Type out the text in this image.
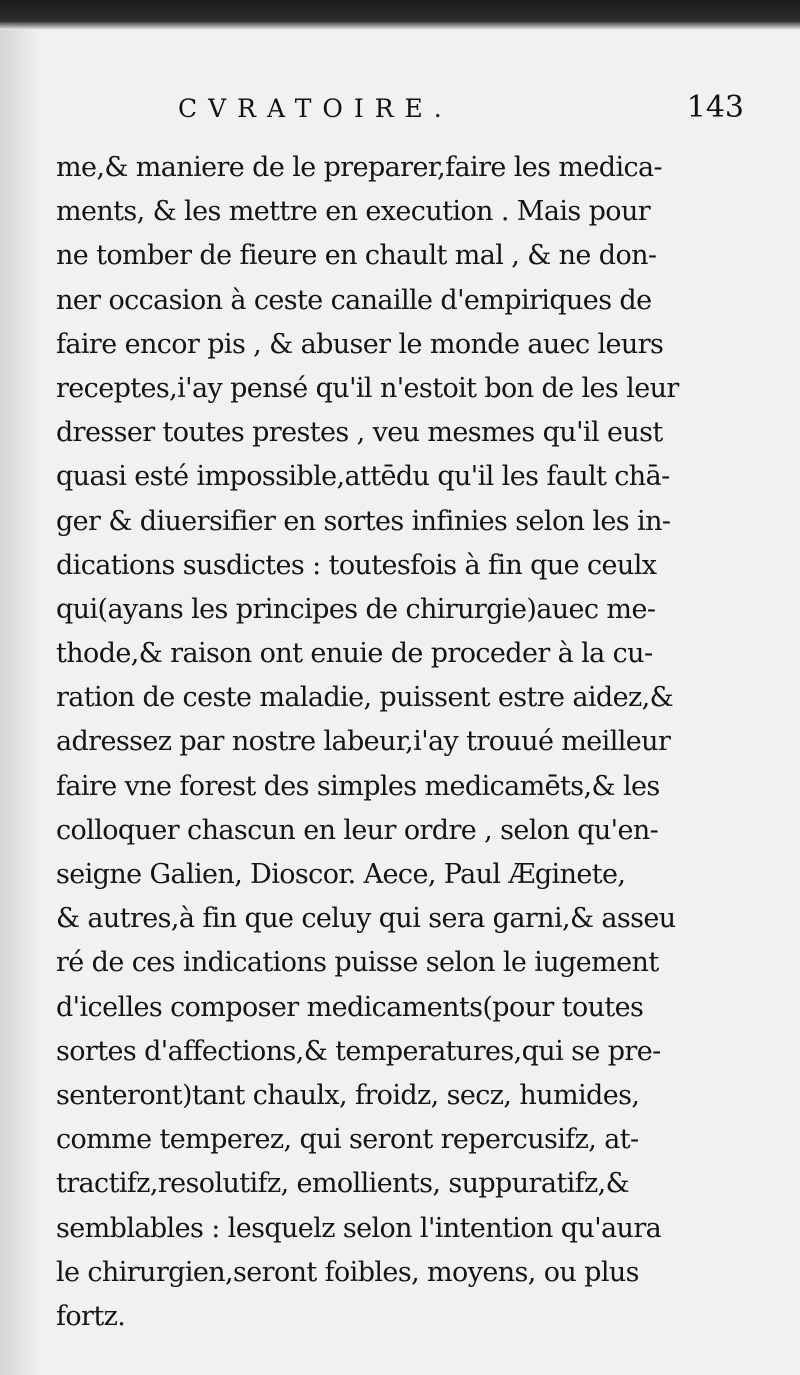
CVRATOIRE.	143
me,& maniere de le preparer,faire les medica-
ments, & les mettre en execution . Mais pour
ne tomber de fieure en chault mal , & ne don-
ner occasion à ceste canaille d'empiriques de
faire encor pis , & abuser le monde auec leurs
receptes,i'ay pensé qu'il n'estoit bon de les leur
dresser toutes prestes , veu mesmes qu'il eust
quasi esté impossible,attēdu qu'il les fault chā-
ger & diuersifier en sortes infinies selon les in-
dications susdictes : toutesfois à fin que ceulx
qui(ayans les principes de chirurgie)auec me-
thode,& raison ont enuie de proceder à la cu-
ration de ceste maladie, puissent estre aidez,&
adressez par nostre labeur,i'ay trouué meilleur
faire vne forest des simples medicamēts,& les
colloquer chascun en leur ordre , selon qu'en-
seigne Galien, Dioscor. Aece, Paul Æginete,
& autres,à fin que celuy qui sera garni,& asseu
ré de ces indications puisse selon le iugement
d'icelles composer medicaments(pour toutes
sortes d'affections,& temperatures,qui se pre-
senteront)tant chaulx, froidz, secz, humides,
comme temperez, qui seront repercusifz, at-
tractifz,resolutifz, emollients, suppuratifz,&
semblables : lesquelz selon l'intention qu'aura
le chirurgien,seront foibles, moyens, ou plus
fortz.
